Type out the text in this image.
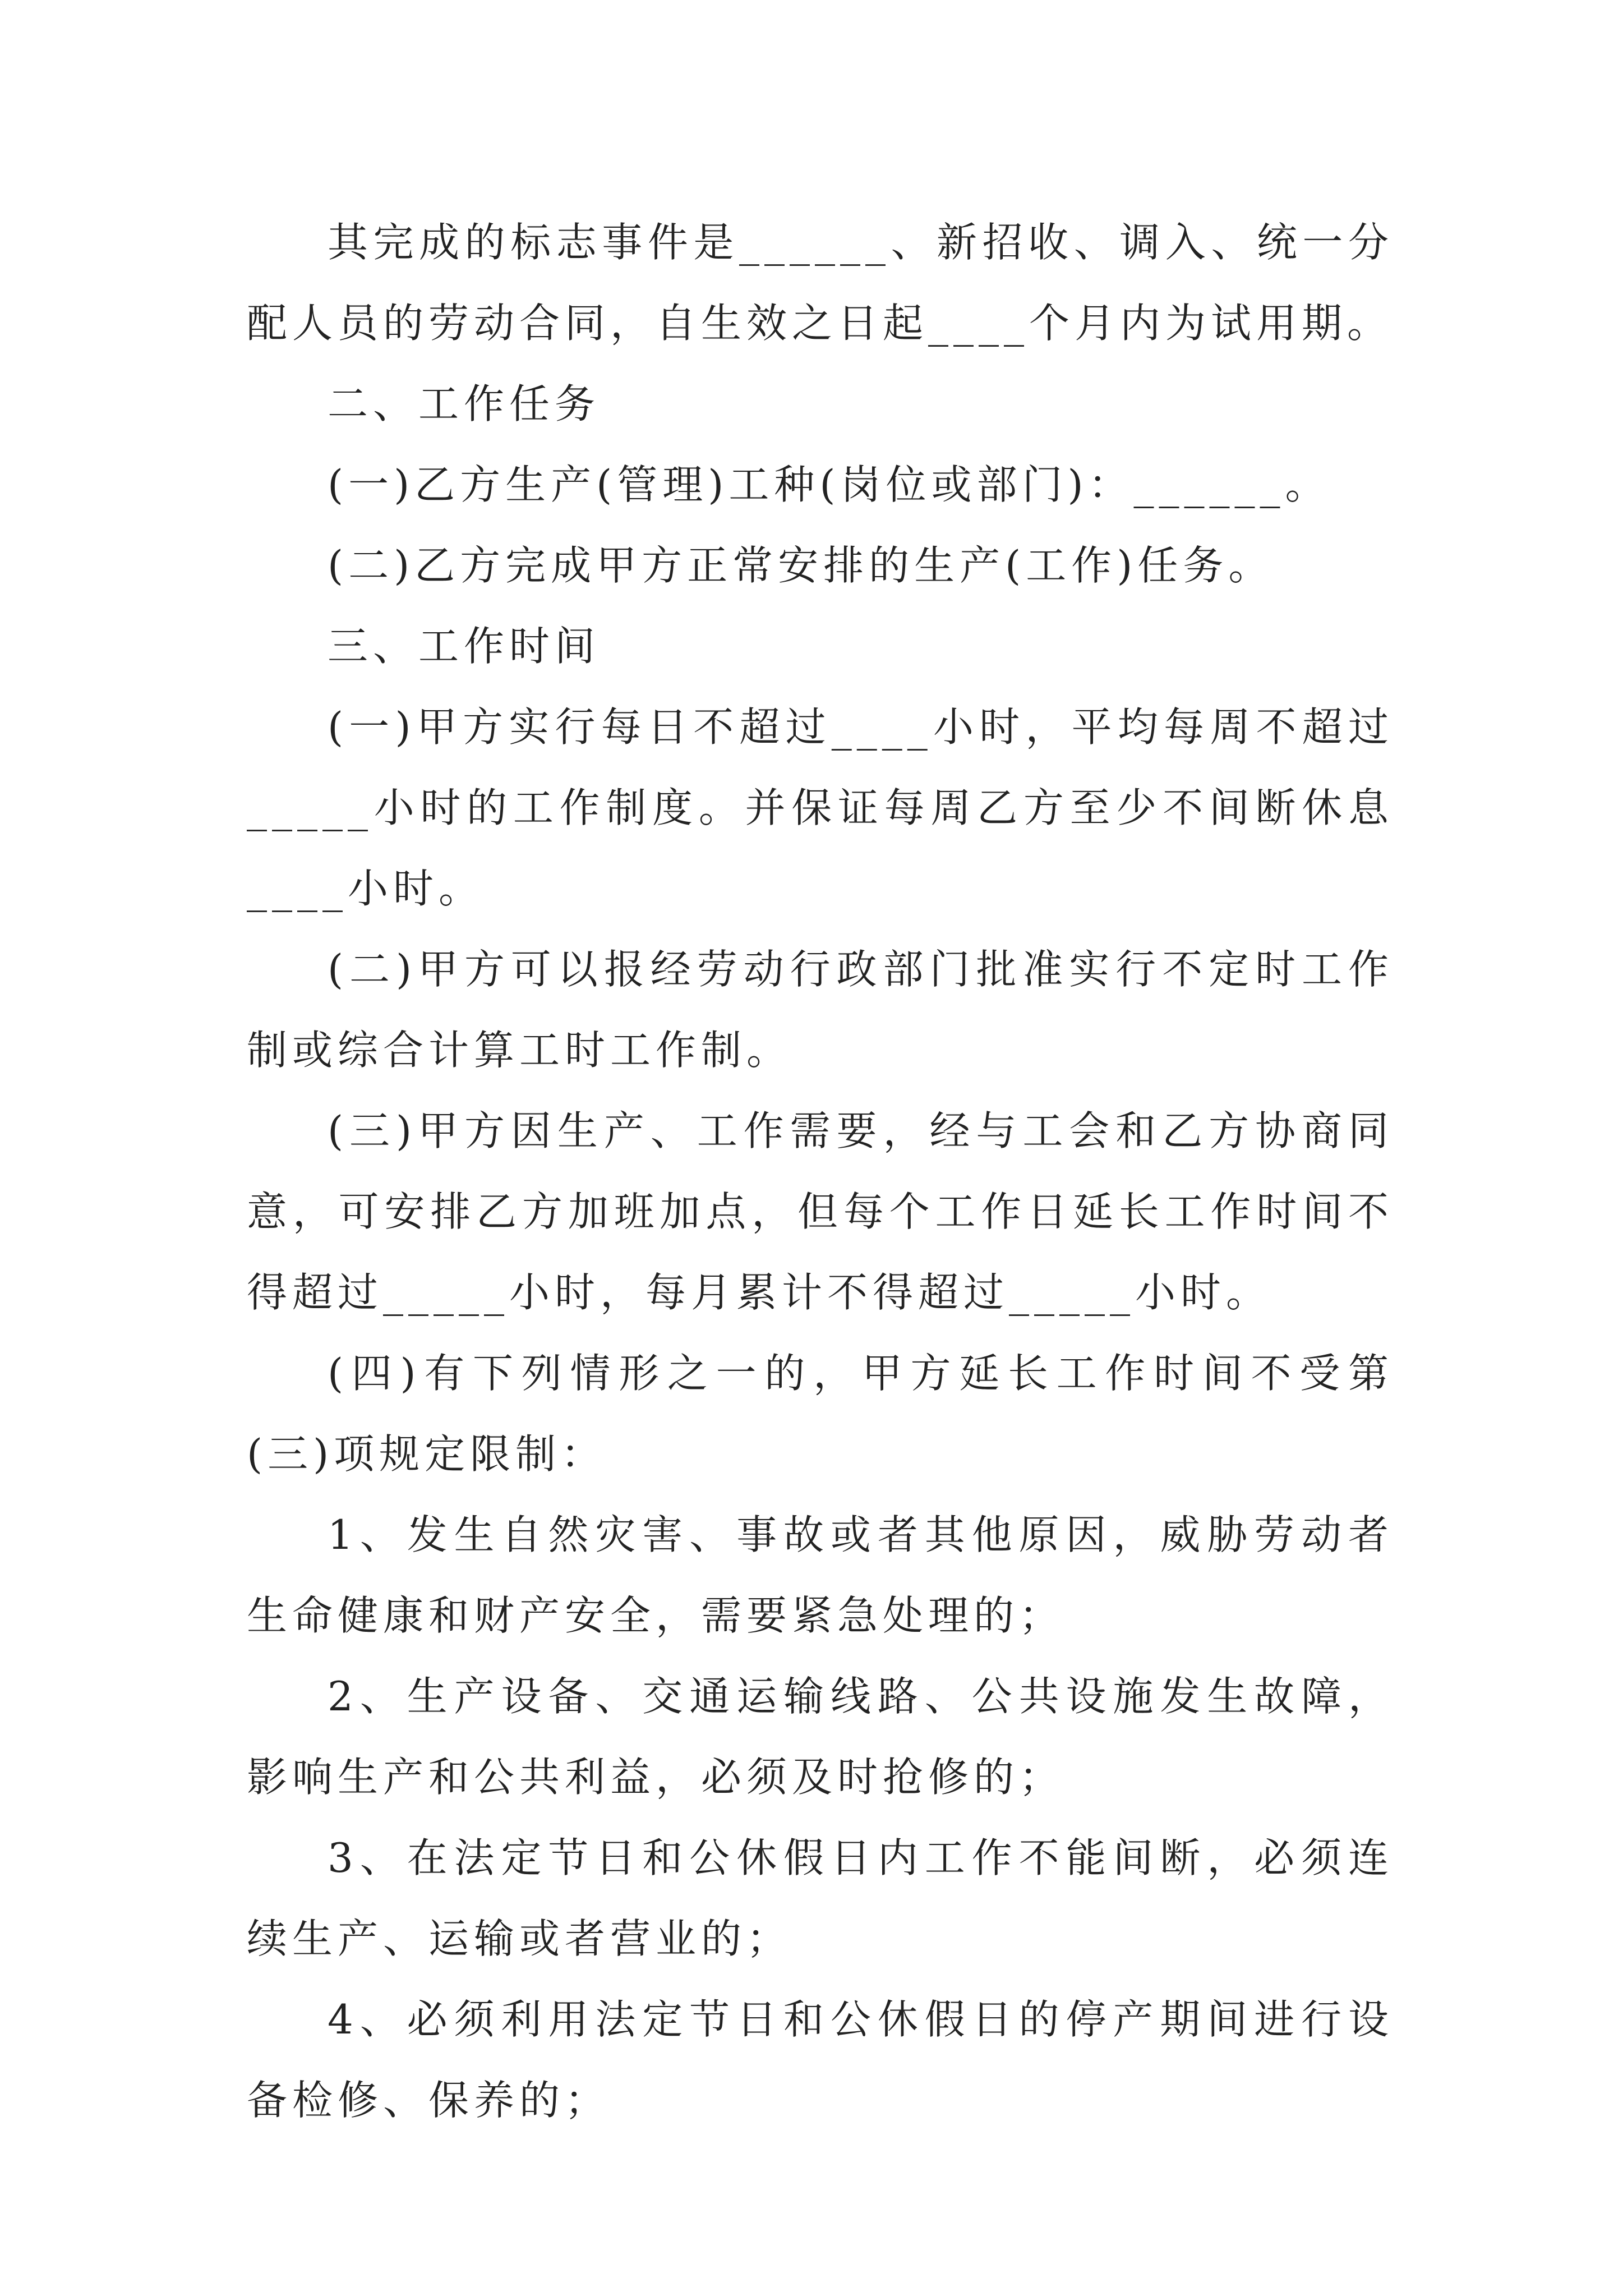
其完成的标志事件是______、新招收、调入、统一分配人员的劳动合同，自生效之日起____个月内为试用期。

二、工作任务

(一)乙方生产(管理)工种(岗位或部门)：______。

(二)乙方完成甲方正常安排的生产(工作)任务。

三、工作时间

(一)甲方实行每日不超过____小时，平均每周不超过_____小时的工作制度。并保证每周乙方至少不间断休息____小时。

(二)甲方可以报经劳动行政部门批准实行不定时工作制或综合计算工时工作制。

(三)甲方因生产、工作需要，经与工会和乙方协商同意，可安排乙方加班加点，但每个工作日延长工作时间不得超过_____小时，每月累计不得超过_____小时。

(四)有下列情形之一的，甲方延长工作时间不受第(三)项规定限制：

1、发生自然灾害、事故或者其他原因，威胁劳动者生命健康和财产安全，需要紧急处理的；

2、生产设备、交通运输线路、公共设施发生故障，影响生产和公共利益，必须及时抢修的；

3、在法定节日和公休假日内工作不能间断，必须连续生产、运输或者营业的；

4、必须利用法定节日和公休假日的停产期间进行设备检修、保养的；
